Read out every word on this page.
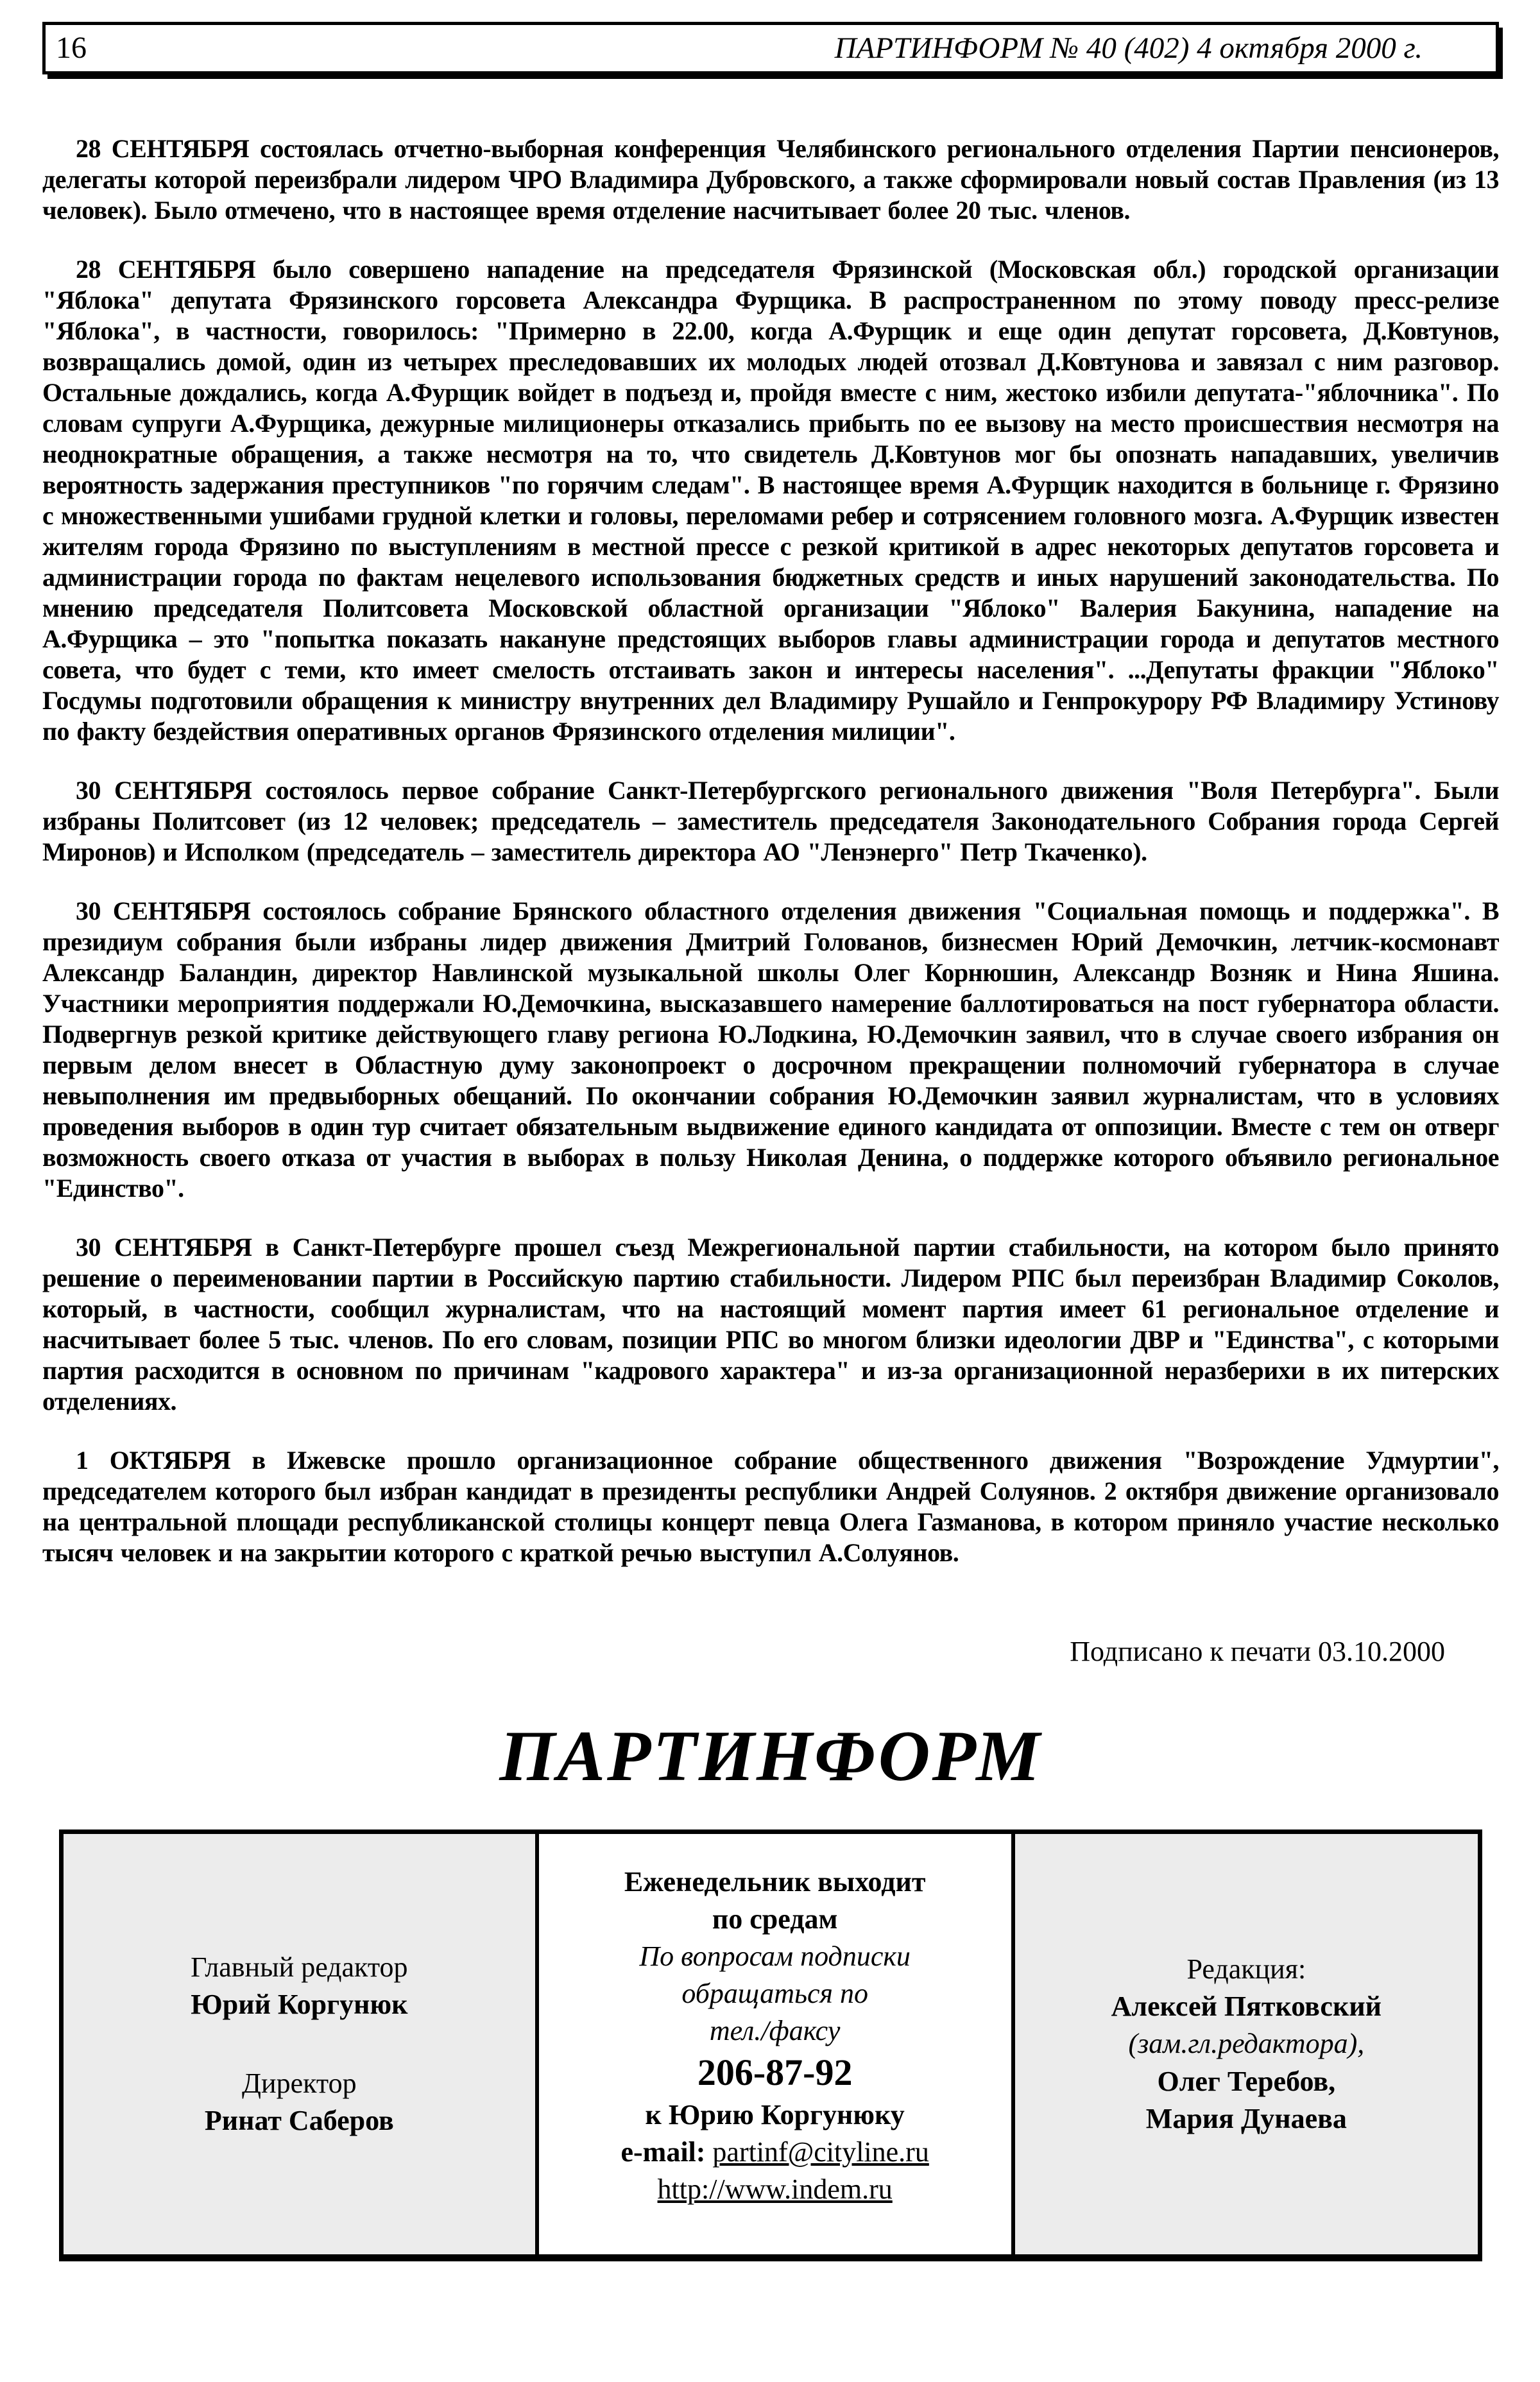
16	ПАРТИНФОРМ № 40 (402) 4 октября 2000 г.

28 СЕНТЯБРЯ состоялась отчетно-выборная конференция Челябинского регионального отделения Партии пенсионеров, делегаты которой переизбрали лидером ЧРО Владимира Дубровского, а также сформировали новый состав Правления (из 13 человек). Было отмечено, что в настоящее время отделение насчитывает более 20 тыс. членов.

28 СЕНТЯБРЯ было совершено нападение на председателя Фрязинской (Московская обл.) городской организации "Яблока" депутата Фрязинского горсовета Александра Фурщика. В распространенном по этому поводу пресс-релизе "Яблока", в частности, говорилось: "Примерно в 22.00, когда А.Фурщик и еще один депутат горсовета, Д.Ковтунов, возвращались домой, один из четырех преследовавших их молодых людей отозвал Д.Ковтунова и завязал с ним разговор. Остальные дождались, когда А.Фурщик войдет в подъезд и, пройдя вместе с ним, жестоко избили депутата-"яблочника". По словам супруги А.Фурщика, дежурные милиционеры отказались прибыть по ее вызову на место происшествия несмотря на неоднократные обращения, а также несмотря на то, что свидетель Д.Ковтунов мог бы опознать нападавших, увеличив вероятность задержания преступников "по горячим следам". В настоящее время А.Фурщик находится в больнице г. Фрязино с множественными ушибами грудной клетки и головы, переломами ребер и сотрясением головного мозга. А.Фурщик известен жителям города Фрязино по выступлениям в местной прессе с резкой критикой в адрес некоторых депутатов горсовета и администрации города по фактам нецелевого использования бюджетных средств и иных нарушений законодательства. По мнению председателя Политсовета Московской областной организации "Яблоко" Валерия Бакунина, нападение на А.Фурщика – это "попытка показать накануне предстоящих выборов главы администрации города и депутатов местного совета, что будет с теми, кто имеет смелость отстаивать закон и интересы населения". ...Депутаты фракции "Яблоко" Госдумы подготовили обращения к министру внутренних дел Владимиру Рушайло и Генпрокурору РФ Владимиру Устинову по факту бездействия оперативных органов Фрязинского отделения милиции".

30 СЕНТЯБРЯ состоялось первое собрание Санкт-Петербургского регионального движения "Воля Петербурга". Были избраны Политсовет (из 12 человек; председатель – заместитель председателя Законодательного Собрания города Сергей Миронов) и Исполком (председатель – заместитель директора АО "Ленэнерго" Петр Ткаченко).

30 СЕНТЯБРЯ состоялось собрание Брянского областного отделения движения "Социальная помощь и поддержка". В президиум собрания были избраны лидер движения Дмитрий Голованов, бизнесмен Юрий Демочкин, летчик-космонавт Александр Баландин, директор Навлинской музыкальной школы Олег Корнюшин, Александр Возняк и Нина Яшина. Участники мероприятия поддержали Ю.Демочкина, высказавшего намерение баллотироваться на пост губернатора области. Подвергнув резкой критике действующего главу региона Ю.Лодкина, Ю.Демочкин заявил, что в случае своего избрания он первым делом внесет в Областную думу законопроект о досрочном прекращении полномочий губернатора в случае невыполнения им предвыборных обещаний. По окончании собрания Ю.Демочкин заявил журналистам, что в условиях проведения выборов в один тур считает обязательным выдвижение единого кандидата от оппозиции. Вместе с тем он отверг возможность своего отказа от участия в выборах в пользу Николая Денина, о поддержке которого объявило региональное "Единство".

30 СЕНТЯБРЯ в Санкт-Петербурге прошел съезд Межрегиональной партии стабильности, на котором было принято решение о переименовании партии в Российскую партию стабильности. Лидером РПС был переизбран Владимир Соколов, который, в частности, сообщил журналистам, что на настоящий момент партия имеет 61 региональное отделение и насчитывает более 5 тыс. членов. По его словам, позиции РПС во многом близки идеологии ДВР и "Единства", с которыми партия расходится в основном по причинам "кадрового характера" и из-за организационной неразберихи в их питерских отделениях.

1 ОКТЯБРЯ в Ижевске прошло организационное собрание общественного движения "Возрождение Удмуртии", председателем которого был избран кандидат в президенты республики Андрей Солуянов. 2 октября движение организовало на центральной площади республиканской столицы концерт певца Олега Газманова, в котором приняло участие несколько тысяч человек и на закрытии которого с краткой речью выступил А.Солуянов.

Подписано к печати 03.10.2000
ПАРТИНФОРМ
Главный редактор
Юрий Коргунюк
Директор
Ринат Саберов
Еженедельник выходит
по средам
По вопросам подписки
обращаться по
тел./факсу
206-87-92
к Юрию Коргунюку
e-mail: partinf@cityline.ru
http://www.indem.ru
Редакция:
Алексей Пятковский
(зам.гл.редактора),
Олег Теребов,
Мария Дунаева
